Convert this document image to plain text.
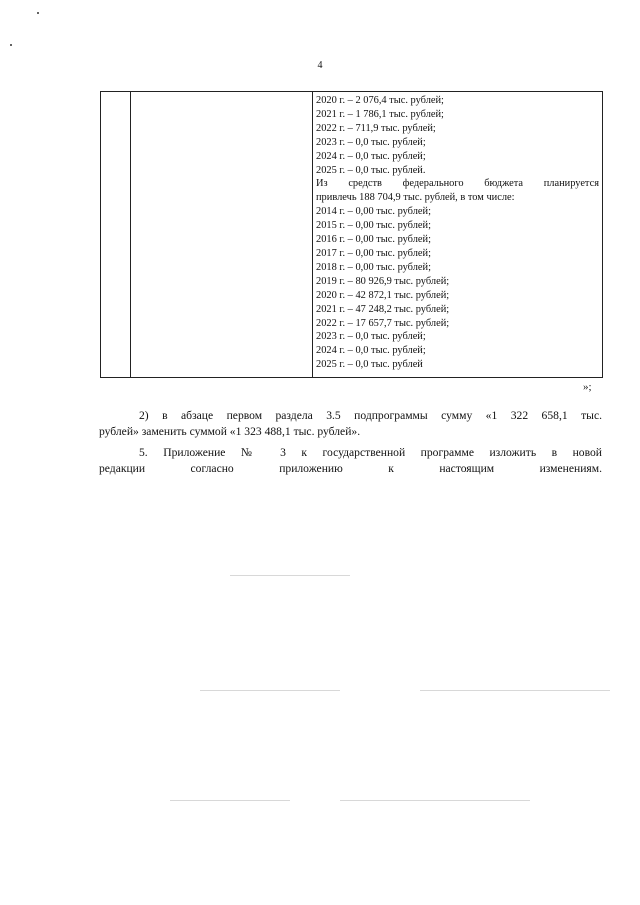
4
2020 г. – 2 076,4 тыс. рублей;
2021 г. – 1 786,1 тыс. рублей;
2022 г. – 711,9 тыс. рублей;
2023 г. – 0,0 тыс. рублей;
2024 г. – 0,0 тыс. рублей;
2025 г. – 0,0 тыс. рублей.
Из средств федерального бюджета планируется
привлечь 188 704,9 тыс. рублей, в том числе:
2014 г. – 0,00 тыс. рублей;
2015 г. – 0,00 тыс. рублей;
2016 г. – 0,00 тыс. рублей;
2017 г. – 0,00 тыс. рублей;
2018 г. – 0,00 тыс. рублей;
2019 г. – 80 926,9 тыс. рублей;
2020 г. – 42 872,1 тыс. рублей;
2021 г. – 47 248,2 тыс. рублей;
2022 г. – 17 657,7 тыс. рублей;
2023 г. – 0,0 тыс. рублей;
2024 г. – 0,0 тыс. рублей;
2025 г. – 0,0 тыс. рублей
»;

2) в абзаце первом раздела 3.5 подпрограммы сумму «1 322 658,1 тыс.

рублей» заменить суммой «1 323 488,1 тыс. рублей».

5. Приложение № 3 к государственной программе изложить в новой

редакции согласно приложению к настоящим изменениям.
